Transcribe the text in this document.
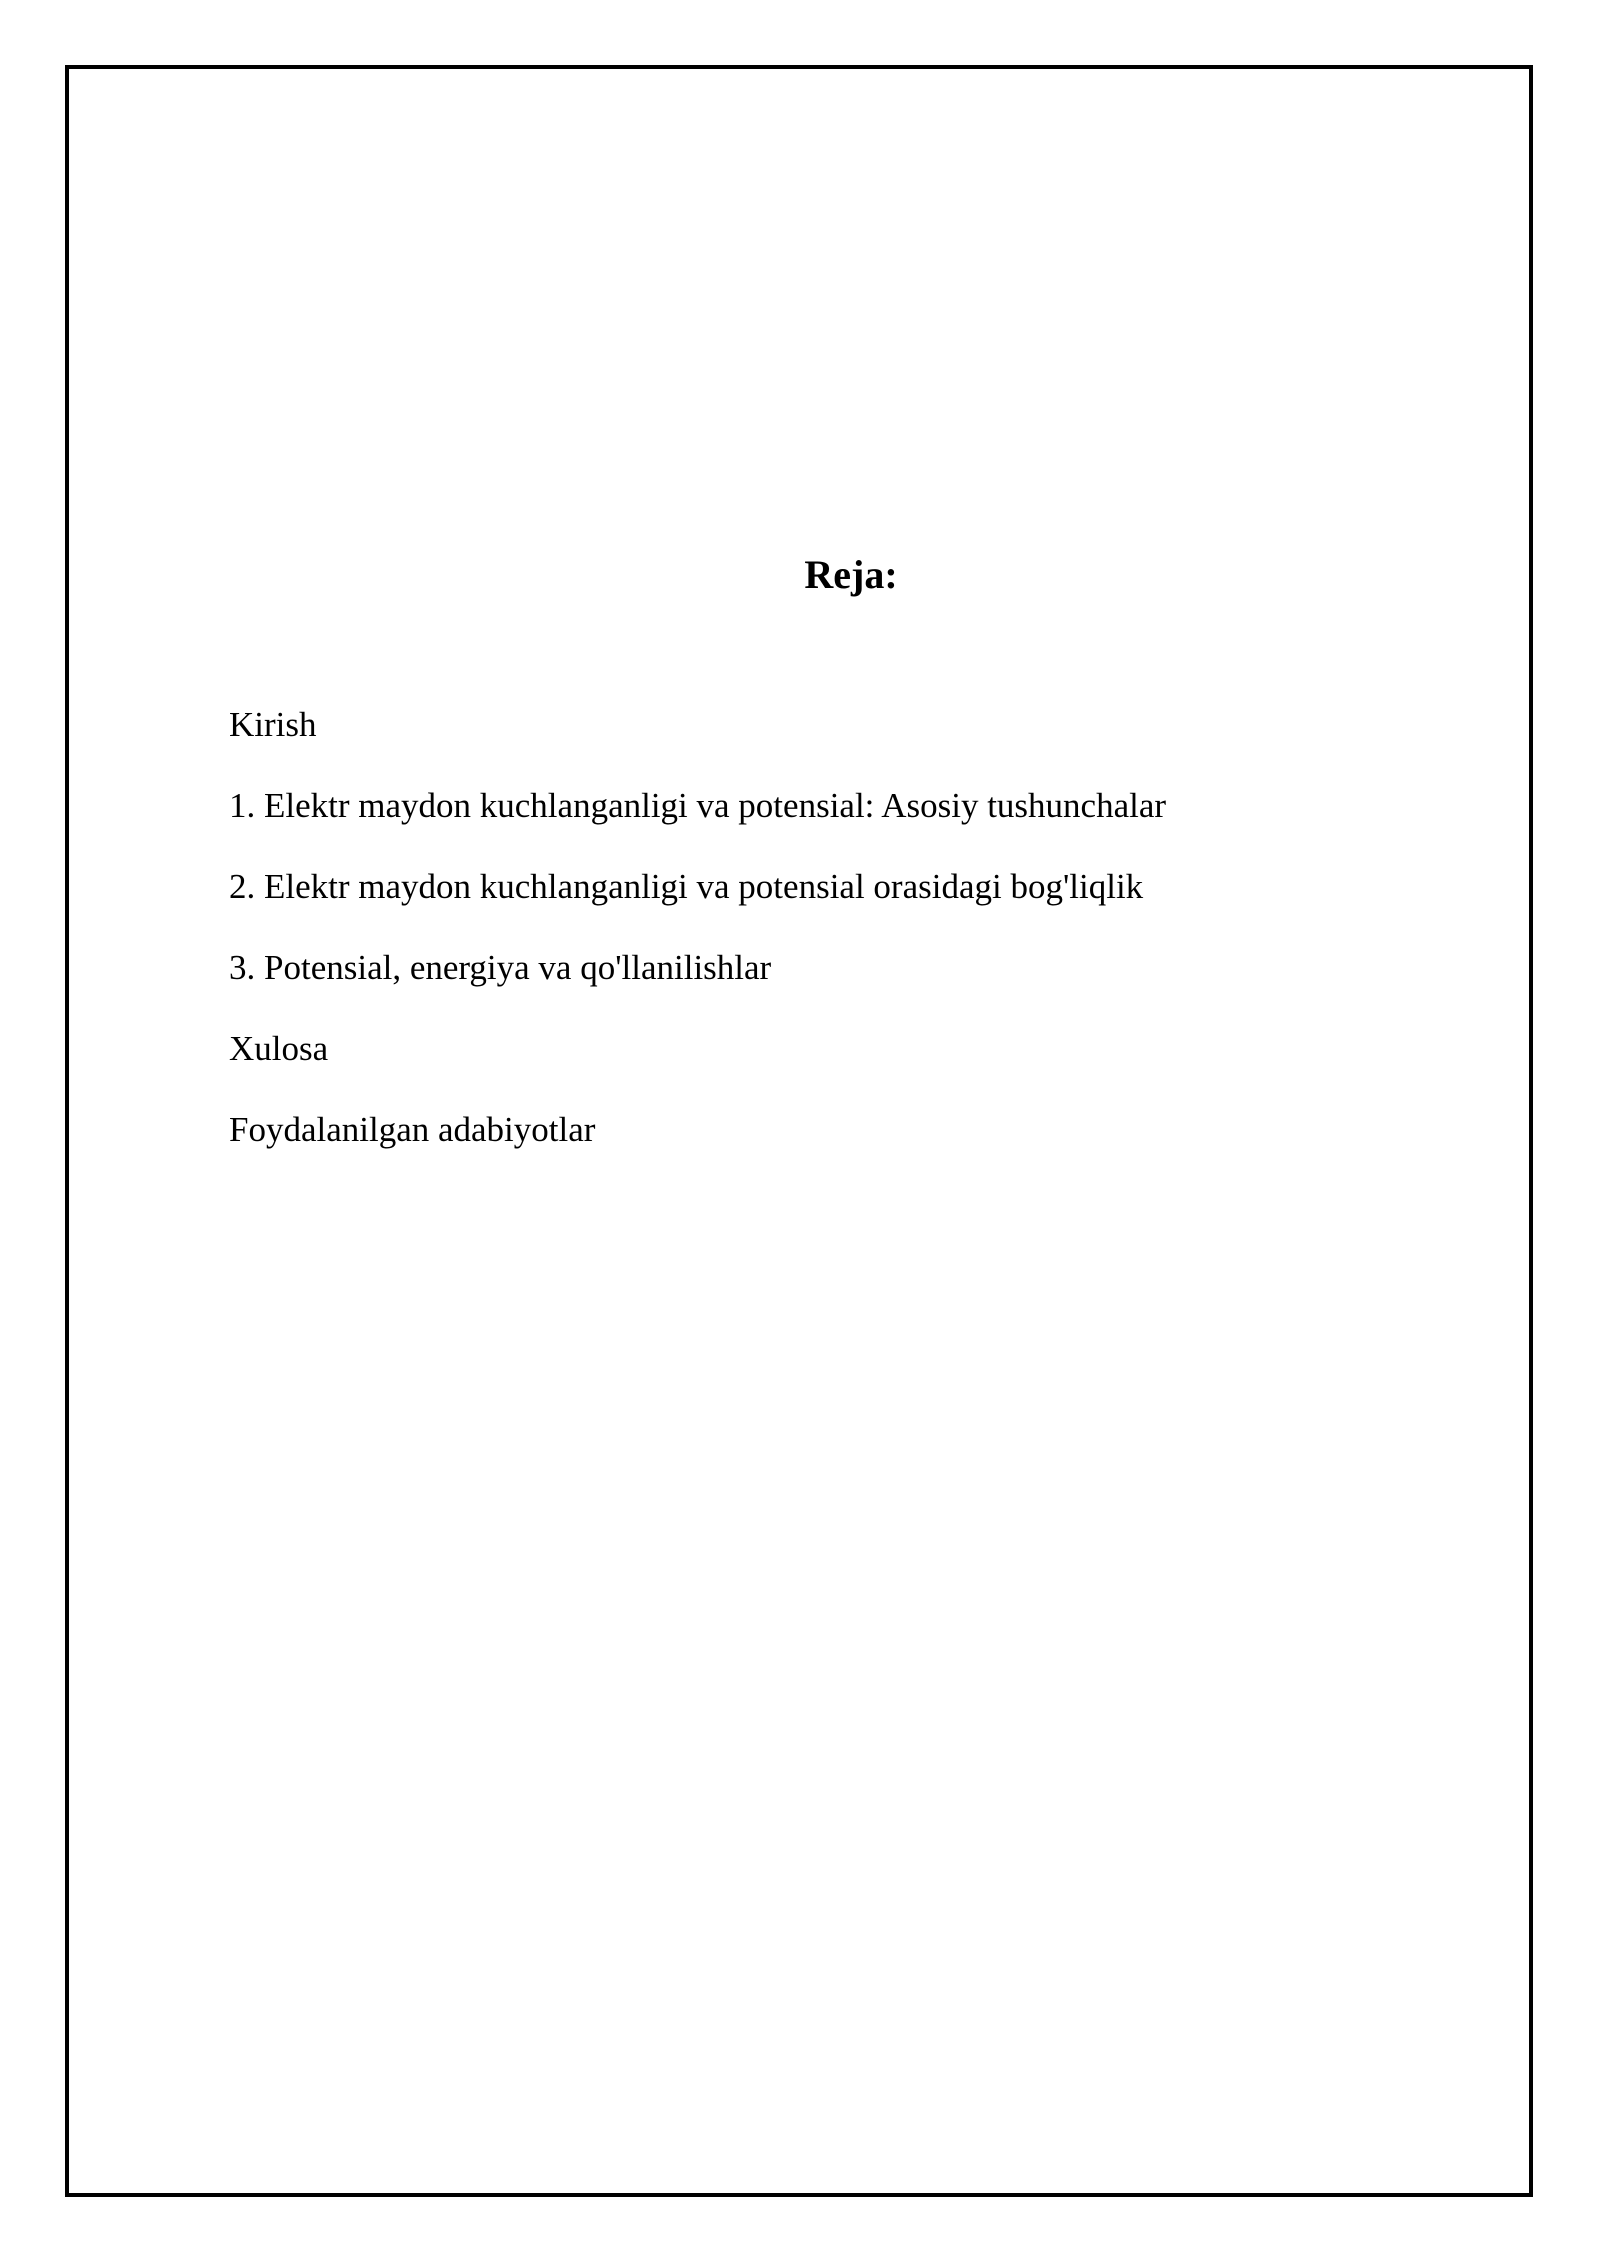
Reja:
Kirish
1. Elektr maydon kuchlanganligi va potensial: Asosiy tushunchalar
2. Elektr maydon kuchlanganligi va potensial orasidagi bog'liqlik
3. Potensial, energiya va qo'llanilishlar
Xulosa
Foydalanilgan adabiyotlar
